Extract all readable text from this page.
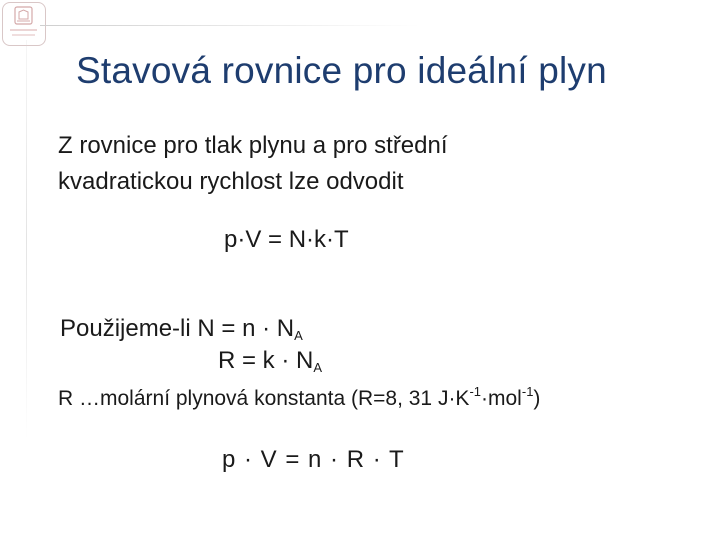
Stavová rovnice pro ideální plyn
Z rovnice pro tlak plynu a pro střední
kvadratickou rychlost lze odvodit
p·V = N·k·T
Použijeme-li $N = n \cdot N_A$
$R = k \cdot N_A$
R …molární plynová konstanta (R=8, 31 $J\cdot K^{-1}\cdot mol^{-1}$)
p · V = n · R · T
